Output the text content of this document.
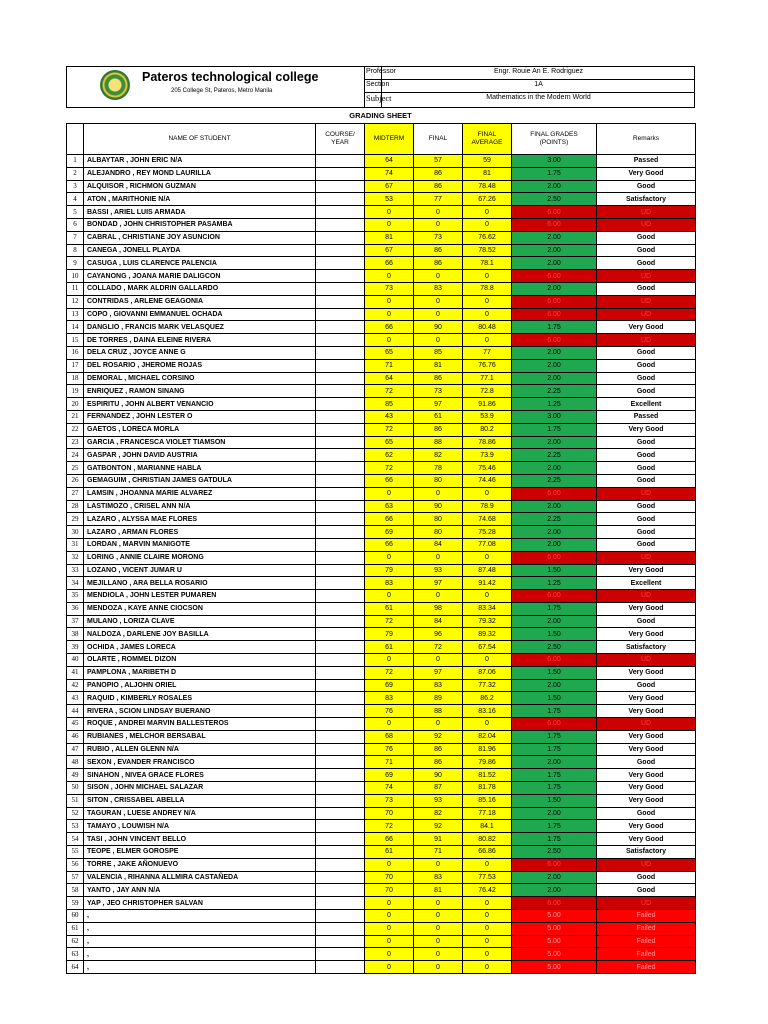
Pateros technological college
205 College St, Pateros, Metro Manila
Professor	Engr. Rouie An E. Rodriguez
Section	1A
Subject	Mathematics in the Modern World
GRADING SHEET
	NAME OF STUDENT	COURSE/ YEAR	MIDTERM	FINAL	FINAL AVERAGE	FINAL GRADES (POINTS)	Remarks
1	ALBAYTAR , JOHN ERIC N/A		64	57	59	3.00	Passed
2	ALEJANDRO , REY MOND LAURILLA		74	86	81	1.75	Very Good
3	ALQUISOR , RICHMON GUZMAN		67	86	78.48	2.00	Good
4	ATON , MARITHONIE N/A		53	77	67.26	2.50	Satisfactory
5	BASSI , ARIEL LUIS ARMADA		0	0	0	6.00	UD
6	BONDAD , JOHN CHRISTOPHER PASAMBA		0	0	0	6.00	UD
7	CABRAL , CHRISTIANE JOY ASUNCION		81	73	76.62	2.00	Good
8	CANEGA , JONELL PLAYDA		67	86	78.52	2.00	Good
9	CASUGA , LUIS CLARENCE PALENCIA		66	86	78.1	2.00	Good
10	CAYANONG , JOANA MARIE DALIGCON		0	0	0	6.00	UD
11	COLLADO , MARK ALDRIN GALLARDO		73	83	78.8	2.00	Good
12	CONTRIDAS , ARLENE GEAGONIA		0	0	0	6.00	UD
13	COPO , GIOVANNI EMMANUEL OCHADA		0	0	0	6.00	UD
14	DANGLIO , FRANCIS MARK VELASQUEZ		66	90	80.48	1.75	Very Good
15	DE TORRES , DAINA ELEINE RIVERA		0	0	0	6.00	UD
16	DELA CRUZ , JOYCE ANNE G		65	85	77	2.00	Good
17	DEL ROSARIO , JHEROME ROJAS		71	81	76.76	2.00	Good
18	DEMORAL , MICHAEL CORSINO		64	86	77.1	2.00	Good
19	ENRIQUEZ , RAMON SINANG		72	73	72.8	2.25	Good
20	ESPIRITU , JOHN ALBERT VENANCIO		85	97	91.86	1.25	Excellent
21	FERNANDEZ , JOHN LESTER O		43	61	53.9	3.00	Passed
22	GAETOS , LORECA MORLA		72	86	80.2	1.75	Very Good
23	GARCIA , FRANCESCA VIOLET TIAMSON		65	88	78.86	2.00	Good
24	GASPAR , JOHN DAVID AUSTRIA		62	82	73.9	2.25	Good
25	GATBONTON , MARIANNE HABLA		72	78	75.46	2.00	Good
26	GEMAGUIM , CHRISTIAN JAMES GATDULA		66	80	74.46	2.25	Good
27	LAMSIN , JHOANNA MARIE ALVAREZ		0	0	0	6.00	UD
28	LASTIMOZO , CRISEL ANN N/A		63	90	78.9	2.00	Good
29	LAZARO , ALYSSA MAE FLORES		66	80	74.68	2.25	Good
30	LAZARO , ARMAN FLORES		69	80	75.28	2.00	Good
31	LORDAN , MARVIN MANIGOTE		66	84	77.08	2.00	Good
32	LORING , ANNIE CLAIRE MORONG		0	0	0	6.00	UD
33	LOZANO , VICENT JUMAR U		79	93	87.48	1.50	Very Good
34	MEJILLANO , ARA BELLA ROSARIO		83	97	91.42	1.25	Excellent
35	MENDIOLA , JOHN LESTER PUMAREN		0	0	0	6.00	UD
36	MENDOZA , KAYE ANNE CIOCSON		61	98	83.34	1.75	Very Good
37	MULANO , LORIZA CLAVE		72	84	79.32	2.00	Good
38	NALDOZA , DARLENE JOY BASILLA		79	96	89.32	1.50	Very Good
39	OCHIDA , JAMES LORECA		61	72	67.54	2.50	Satisfactory
40	OLARTE , ROMMEL DIZON		0	0	0	6.00	UD
41	PAMPLONA , MARIBETH D		72	97	87.06	1.50	Very Good
42	PANOPIO , ALJOHN ORIEL		69	83	77.32	2.00	Good
43	RAQUID , KIMBERLY ROSALES		83	89	86.2	1.50	Very Good
44	RIVERA , SCION LINDSAY BUERANO		76	88	83.16	1.75	Very Good
45	ROQUE , ANDREI MARVIN BALLESTEROS		0	0	0	6.00	UD
46	RUBIANES , MELCHOR BERSABAL		68	92	82.04	1.75	Very Good
47	RUBIO , ALLEN GLENN N/A		76	86	81.96	1.75	Very Good
48	SEXON , EVANDER FRANCISCO		71	86	79.86	2.00	Good
49	SINAHON , NIVEA GRACE FLORES		69	90	81.52	1.75	Very Good
50	SISON , JOHN MICHAEL SALAZAR		74	87	81.78	1.75	Very Good
51	SITON , CRISSABEL ABELLA		73	93	85.16	1.50	Very Good
52	TAGURAN , LUESE ANDREY N/A		70	82	77.18	2.00	Good
53	TAMAYO , LOUWISH N/A		72	92	84.1	1.75	Very Good
54	TASI , JOHN VINCENT BELLO		66	91	80.82	1.75	Very Good
55	TEOPE , ELMER GOROSPE		61	71	66.86	2.50	Satisfactory
56	TORRE , JAKE AÑONUEVO		0	0	0	6.00	UD
57	VALENCIA , RIHANNA ALLMIRA CASTAÑEDA		70	83	77.53	2.00	Good
58	YANTO , JAY ANN N/A		70	81	76.42	2.00	Good
59	YAP , JEO CHRISTOPHER SALVAN		0	0	0	6.00	UD
60	,		0	0	0	5.00	Failed
61	,		0	0	0	5.00	Failed
62	,		0	0	0	5.00	Failed
63	,		0	0	0	5.00	Failed
64	,		0	0	0	5.00	Failed
